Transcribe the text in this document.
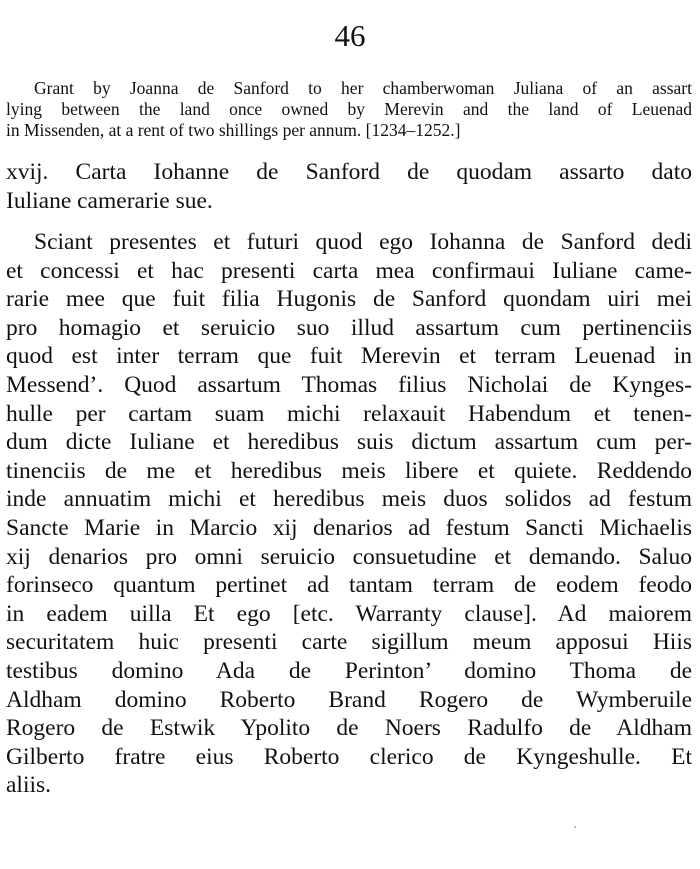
46

Grant by Joanna de Sanford to her chamberwoman Juliana of an assart
lying between the land once owned by Merevin and the land of Leuenad
in Missenden, at a rent of two shillings per annum. [1234–1252.]

xvij. Carta Iohanne de Sanford de quodam assarto dato
Iuliane camerarie sue.

Sciant presentes et futuri quod ego Iohanna de Sanford dedi
et concessi et hac presenti carta mea confirmaui Iuliane came-
rarie mee que fuit filia Hugonis de Sanford quondam uiri mei
pro homagio et seruicio suo illud assartum cum pertinenciis
quod est inter terram que fuit Merevin et terram Leuenad in
Messend’. Quod assartum Thomas filius Nicholai de Kynges-
hulle per cartam suam michi relaxauit Habendum et tenen-
dum dicte Iuliane et heredibus suis dictum assartum cum per-
tinenciis de me et heredibus meis libere et quiete. Reddendo
inde annuatim michi et heredibus meis duos solidos ad festum
Sancte Marie in Marcio xij denarios ad festum Sancti Michaelis
xij denarios pro omni seruicio consuetudine et demando. Saluo
forinseco quantum pertinet ad tantam terram de eodem feodo
in eadem uilla Et ego [etc. Warranty clause]. Ad maiorem
securitatem huic presenti carte sigillum meum apposui Hiis
testibus domino Ada de Perinton’ domino Thoma de
Aldham domino Roberto Brand Rogero de Wymberuile
Rogero de Estwik Ypolito de Noers Radulfo de Aldham
Gilberto fratre eius Roberto clerico de Kyngeshulle. Et
aliis.
